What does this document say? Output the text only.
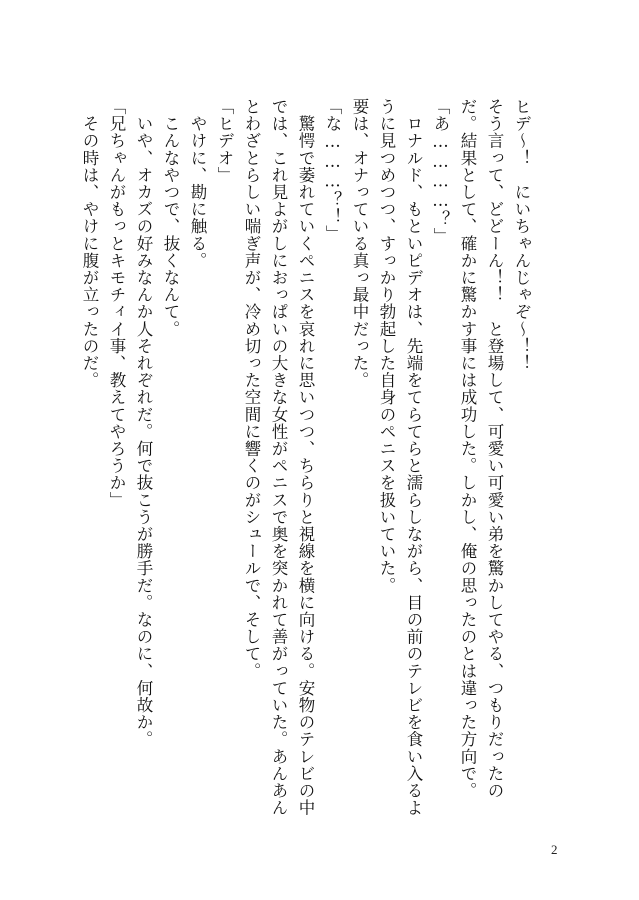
ヒデ〜！　にいちゃんじゃぞ〜！！
そう言って、どどーん！！　と登場して、可愛い可愛い弟を驚かしてやる、つもりだったの
だ。結果として、確かに驚かす事には成功した。しかし、俺の思ったのとは違った方向で。
「あ…………？」
　ロナルド、もといピデオは、先端をてらてらと濡らしながら、目の前のテレビを食い入るよ
うに見つめつつ、すっかり勃起した自身のペニスを扱いていた。
要は、オナっている真っ最中だった。
「な………？！」
　驚愕で萎れていくペニスを哀れに思いつつ、ちらりと視線を横に向ける。安物のテレビの中
では、これ見よがしにおっぱいの大きな女性がペニスで奥を突かれて善がっていた。あんあん
とわざとらしい喘ぎ声が、冷め切った空間に響くのがシュールで、そして。
「ヒデオ」
　やけに、勘に触る。
　こんなやつで、抜くなんて。
　いや、オカズの好みなんか人それぞれだ。何で抜こうが勝手だ。なのに、何故か。
「兄ちゃんがもっとキモチィイ事、教えてやろうか」
　その時は、やけに腹が立ったのだ。
2
